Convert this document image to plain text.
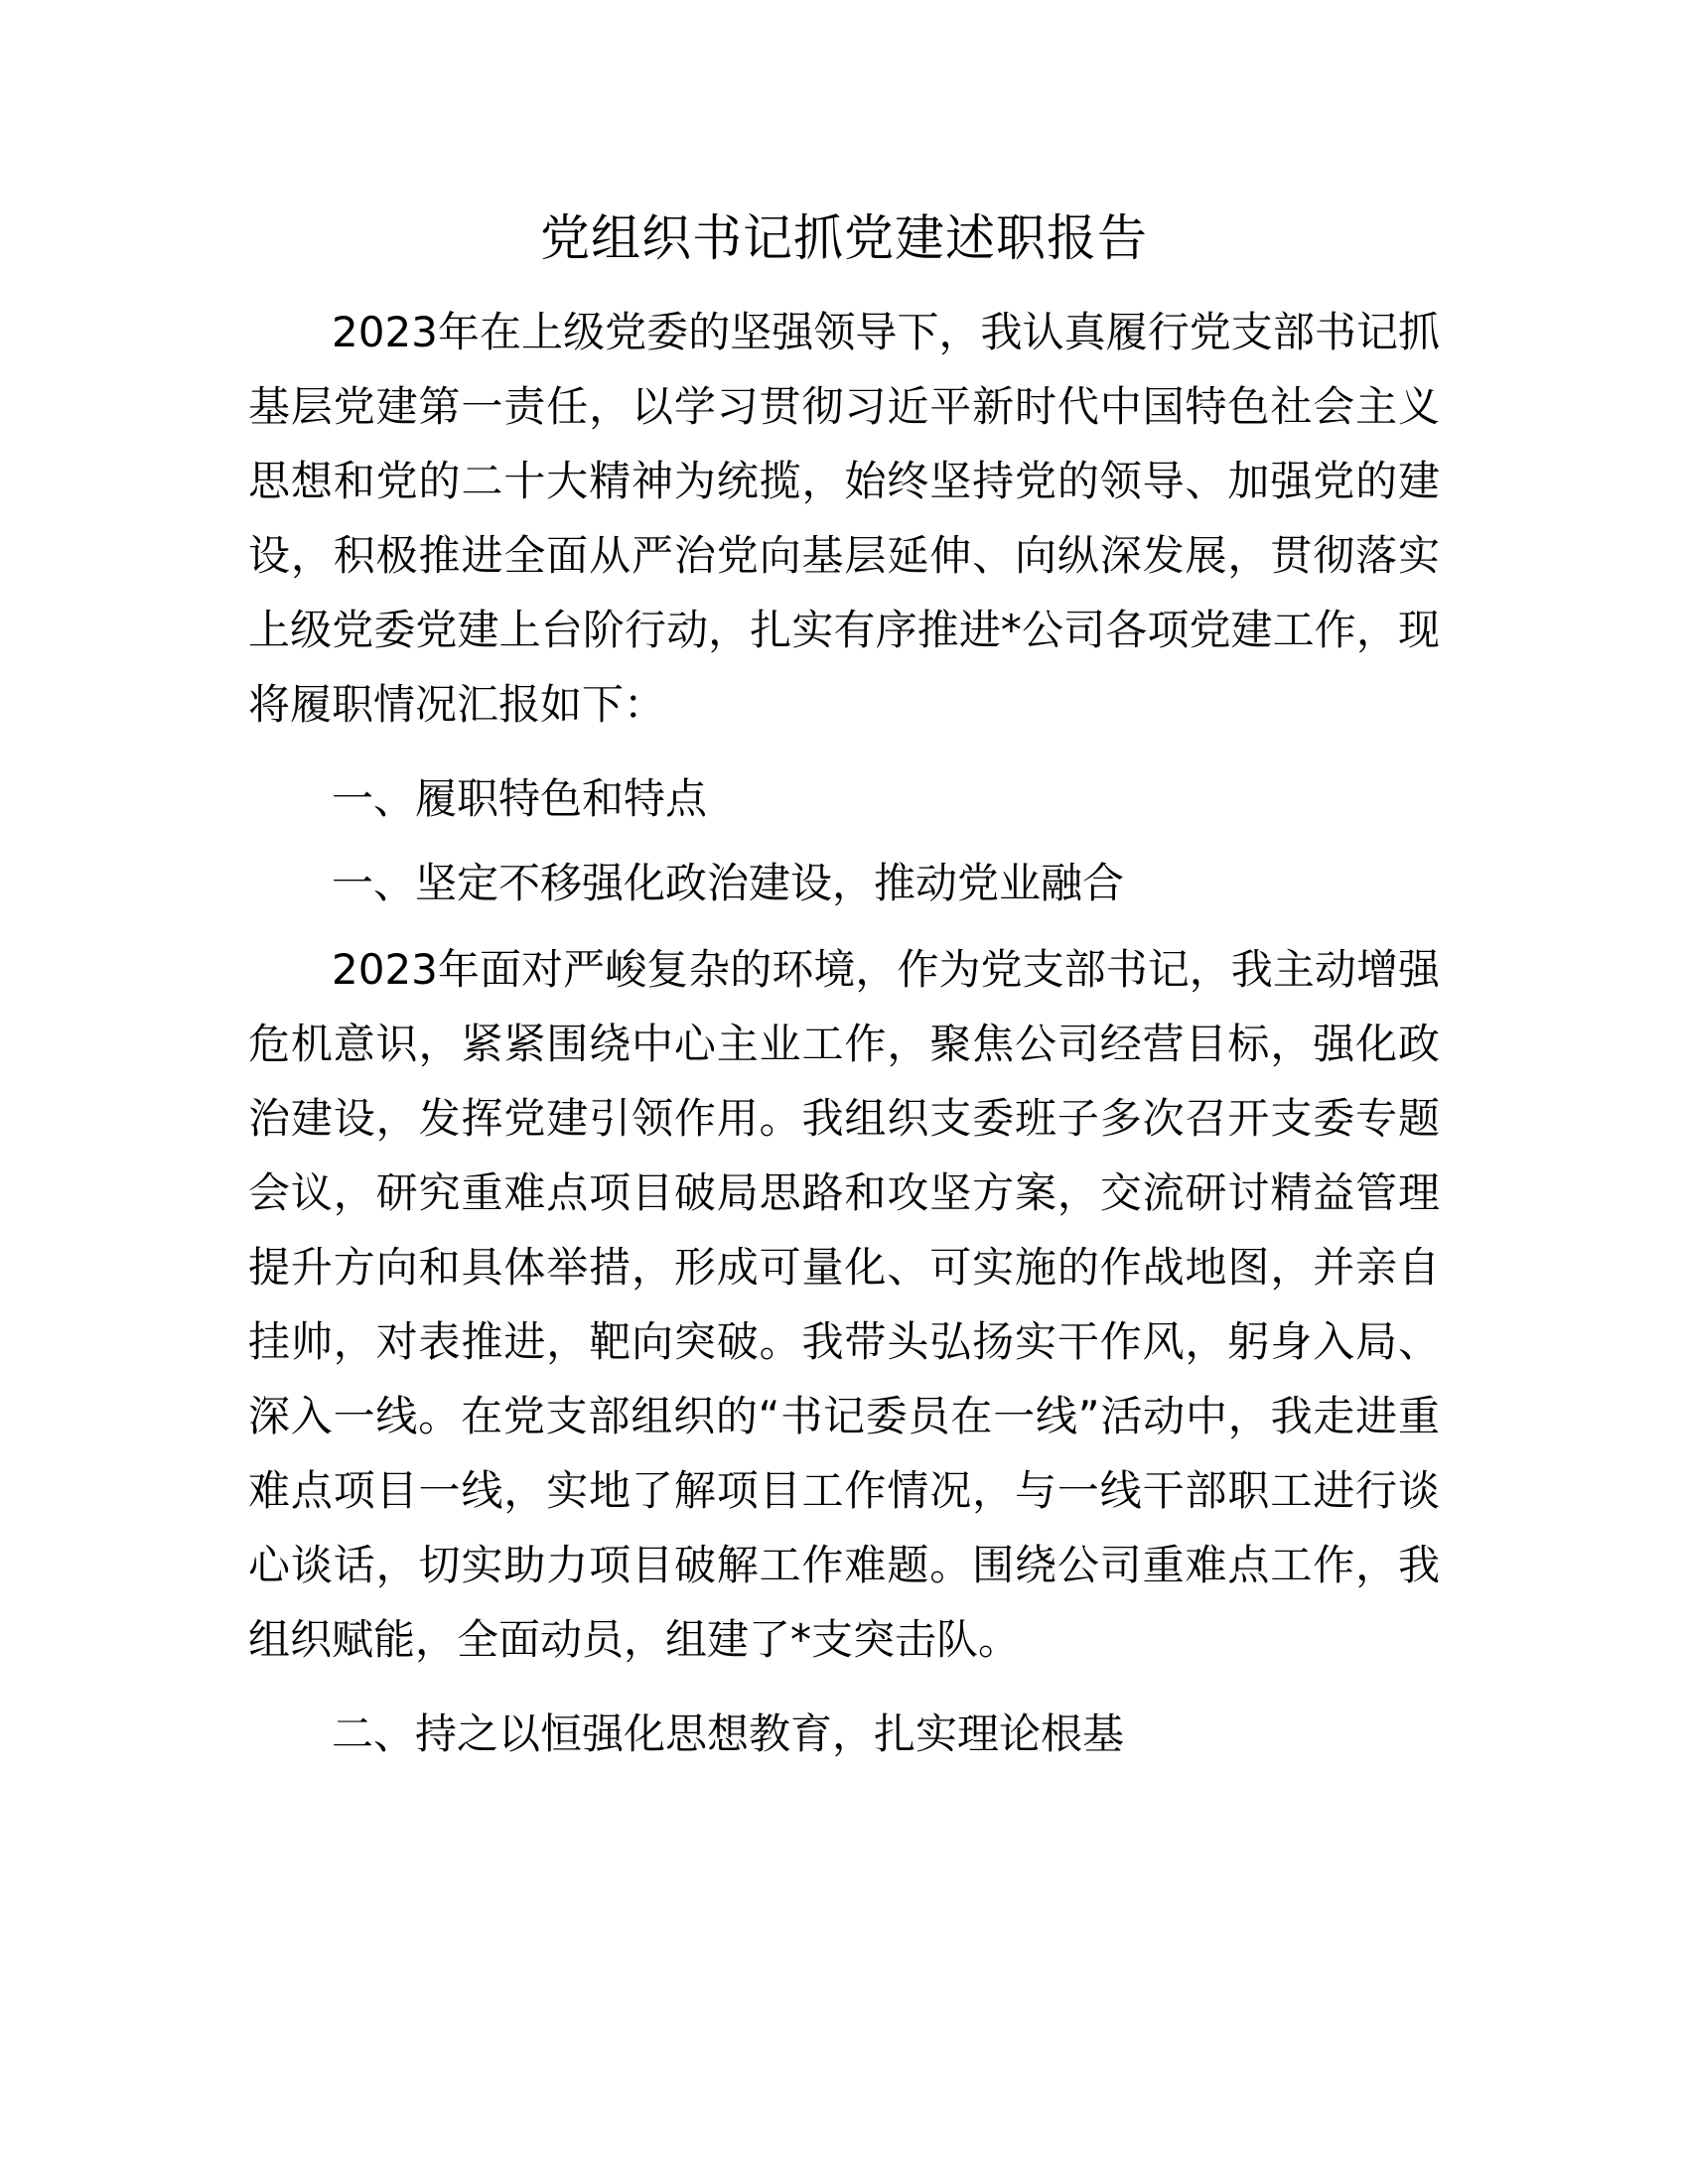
党组织书记抓党建述职报告

2023年在上级党委的坚强领导下，我认真履行党支部书记抓基层党建第一责任，以学习贯彻习近平新时代中国特色社会主义思想和党的二十大精神为统揽，始终坚持党的领导、加强党的建设，积极推进全面从严治党向基层延伸、向纵深发展，贯彻落实上级党委党建上台阶行动，扎实有序推进*公司各项党建工作，现将履职情况汇报如下：

一、履职特色和特点

一、坚定不移强化政治建设，推动党业融合

2023年面对严峻复杂的环境，作为党支部书记，我主动增强危机意识，紧紧围绕中心主业工作，聚焦公司经营目标，强化政治建设，发挥党建引领作用。我组织支委班子多次召开支委专题会议，研究重难点项目破局思路和攻坚方案，交流研讨精益管理提升方向和具体举措，形成可量化、可实施的作战地图，并亲自挂帅，对表推进，靶向突破。我带头弘扬实干作风，躬身入局、深入一线。在党支部组织的“书记委员在一线”活动中，我走进重难点项目一线，实地了解项目工作情况，与一线干部职工进行谈心谈话，切实助力项目破解工作难题。围绕公司重难点工作，我组织赋能，全面动员，组建了*支突击队。

二、持之以恒强化思想教育，扎实理论根基
